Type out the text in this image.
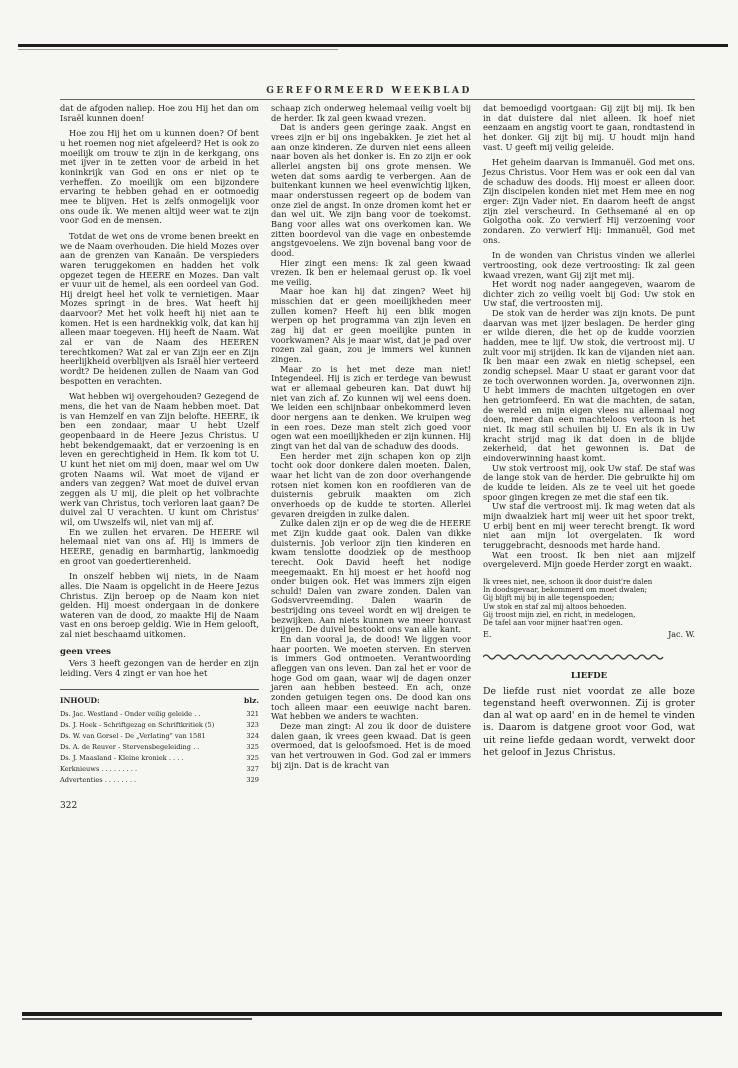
GEREFORMEERD WEEKBLAD

dat de afgoden naliep. Hoe zou Hij het dan om Israël kunnen doen!

Hoe zou Hij het om u kunnen doen? Of bent u het roemen nog niet afgeleerd? Het is ook zo moeilijk om trouw te zijn in de kerkgang, ons met ijver in te zetten voor de arbeid in het koninkrijk van God en ons er niet op te verheffen. Zo moeilijk om een bijzondere ervaring te hebben gehad en er ootmoedig mee te blijven. Het is zelfs onmogelijk voor ons oude ik. We menen altijd weer wat te zijn voor God en de mensen.

Totdat de wet ons de vrome benen breekt en we de Naam overhouden. Die hield Mozes over aan de grenzen van Kanaän. De verspieders waren teruggekomen en hadden het volk opgezet tegen de HEERE en Mozes. Dan valt er vuur uit de hemel, als een oordeel van God. Hij dreigt heel het volk te vernietigen. Maar Mozes springt in de bres. Wat heeft hij daarvoor? Met het volk heeft hij niet aan te komen. Het is een hardnekkig volk, dat kan hij alleen maar toegeven. Hij heeft de Naam. Wat zal er van de Naam des HEEREN terechtkomen? Wat zal er van Zijn eer en Zijn heerlijkheid overblijven als Israël hier verteerd wordt? De heidenen zullen de Naam van God bespotten en verachten.

Wat hebben wij overgehouden? Gezegend de mens, die het van de Naam hebben moet. Dat is van Hemzelf en van Zijn belofte. HEERE, ik ben een zondaar, maar U hebt Uzelf geopenbaard in de Heere Jezus Christus. U hebt bekendgemaakt, dat er verzoening is en leven en gerechtigheid in Hem. Ik kom tot U. U kunt het niet om mij doen, maar wel om Uw groten Naams wil. Wat moet de vijand er anders van zeggen? Wat moet de duivel ervan zeggen als U mij, die pleit op het volbrachte werk van Christus, toch verloren laat gaan? De duivel zal U verachten. U kunt om Christus' wil, om Uwszelfs wil, niet van mij af.

En we zullen het ervaren. De HEERE wil helemaal niet van ons af. Hij is immers de HEERE, genadig en barmhartig, lankmoedig en groot van goedertierenheid.

In onszelf hebben wij niets, in de Naam alles. Die Naam is opgelicht in de Heere Jezus Christus. Zijn beroep op de Naam kon niet gelden. Hij moest ondergaan in de donkere wateren van de dood, zo maakte Hij de Naam vast en ons beroep geldig. Wie in Hem gelooft, zal niet beschaamd uitkomen.

geen vrees

Vers 3 heeft gezongen van de herder en zijn leiding. Vers 4 zingt er van hoe het

INHOUD:	blz.
Ds. Jac. Westland - Onder veilig geleide . .	321
Ds. J. Hoek - Schriftgezag en Schriftkritiek (5)	323
Ds. W. van Gorsel - De „Verlating" van 1581	324
Ds. A. de Reuver - Stervensbegeleiding . .	325
Ds. J. Maasland - Kleine kroniek . . . .	325
Kerknieuws . . . . . . . . .	327
Advertenties . . . . . . . .	329
322

schaap zich onderweg helemaal veilig voelt bij de herder. Ik zal geen kwaad vrezen.

Dat is anders geen geringe zaak. Angst en vrees zijn er bij ons ingebakken. Je ziet het al aan onze kinderen. Ze durven niet eens alleen naar boven als het donker is. En zo zijn er ook allerlei angsten bij ons grote mensen. We weten dat soms aardig te verbergen. Aan de buitenkant kunnen we heel evenwichtig lijken, maar onderstussen regeert op de bodem van onze ziel de angst. In onze dromen komt het er dan wel uit. We zijn bang voor de toekomst. Bang voor alles wat ons overkomen kan. We zitten boordevol van die vage en onbestemde angstgevoelens. We zijn bovenal bang voor de dood.

Hier zingt een mens: Ik zal geen kwaad vrezen. Ik ben er helemaal gerust op. Ik voel me veilig.

Maar hoe kan hij dat zingen? Weet hij misschien dat er geen moeilijkheden meer zullen komen? Heeft hij een blik mogen werpen op het programma van zijn leven en zag hij dat er geen moeilijke punten in voorkwamen? Als je maar wist, dat je pad over rozen zal gaan, zou je immers wel kunnen zingen.

Maar zo is het met deze man niet! Integendeel. Hij is zich er terdege van bewust wat er allemaal gebeuren kan. Dat duwt hij niet van zich af. Zo kunnen wij wel eens doen. We leiden een schijnbaar onbekommerd leven door nergens aan te denken. We kruipen weg in een roes. Deze man stelt zich goed voor ogen wat een moeilijkheden er zijn kunnen. Hij zingt van het dal van de schaduw des doods.

Een herder met zijn schapen kon op zijn tocht ook door donkere dalen moeten. Dalen, waar het licht van de zon door overhangende rotsen niet komen kon en roofdieren van de duisternis gebruik maakten om zich onverhoeds op de kudde te storten. Allerlei gevaren dreigden in zulke dalen.

Zulke dalen zijn er op de weg die de HEERE met Zijn kudde gaat ook. Dalen van dikke duisternis. Job verloor zijn tien kinderen en kwam tenslotte doodziek op de mesthoop terecht. Ook David heeft het nodige meegemaakt. En hij moest er het hoofd nog onder buigen ook. Het was immers zijn eigen schuld! Dalen van zware zonden. Dalen van Godsvervreemding. Dalen waarin de bestrijding ons teveel wordt en wij dreigen te bezwijken. Aan niets kunnen we meer houvast krijgen. De duivel bestookt ons van alle kant.

En dan vooral ja, de dood! We liggen voor haar poorten. We moeten sterven. En sterven is immers God ontmoeten. Verantwoording afleggen van ons leven. Dan zal het er voor de hoge God om gaan, waar wij de dagen onzer jaren aan hebben besteed. En ach, onze zonden getuigen tegen ons. De dood kan ons toch alleen maar een eeuwige nacht baren. Wat hebben we anders te wachten.

Deze man zingt: Al zou ik door de duistere dalen gaan, ik vrees geen kwaad. Dat is geen overmoed, dat is geloofsmoed. Het is de moed van het vertrouwen in God. God zal er immers bij zijn. Dat is de kracht van

dat bemoedigd voortgaan: Gij zijt bij mij. Ik ben in dat duistere dal niet alleen. Ik hoef niet eenzaam en angstig voort te gaan, rondtastend in het donker. Gij zijt bij mij. U houdt mijn hand vast. U geeft mij veilig geleide.

Het geheim daarvan is Immanuël. God met ons. Jezus Christus. Voor Hem was er ook een dal van de schaduw des doods. Hij moest er alleen door. Zijn discipelen konden niet met Hem mee en nog erger: Zijn Vader niet. En daarom heeft de angst zijn ziel verscheurd. In Gethsemané al en op Golgotha ook. Zo verwierf Hij verzoening voor zondaren. Zo verwierf Hij: Immanuël, God met ons.

In de wonden van Christus vinden we allerlei vertroosting, ook deze vertroosting: Ik zal geen kwaad vrezen, want Gij zijt met mij.

Het wordt nog nader aangegeven, waarom de dichter zich zo veilig voelt bij God: Uw stok en Uw staf, die vertroosten mij.

De stok van de herder was zijn knots. De punt daarvan was met ijzer beslagen. De herder ging er wilde dieren, die het op de kudde voorzien hadden, mee te lijf. Uw stok, die vertroost mij. U zult voor mij strijden. Ik kan de vijanden niet aan. Ik ben maar een zwak en nietig schepsel, een zondig schepsel. Maar U staat er garant voor dat ze toch overwonnen worden. Ja, overwonnen zijn. U hebt immers de machten uitgetogen en over hen getriomfeerd. En wat die machten, de satan, de wereld en mijn eigen vlees nu allemaal nog doen, meer dan een machteloos vertoon is het niet. Ik mag stil schuilen bij U. En als ik in Uw kracht strijd mag ik dat doen in de blijde zekerheid, dat het gewonnen is. Dat de eindoverwinning haast komt.

Uw stok vertroost mij, ook Uw staf. De staf was de lange stok van de herder. Die gebruikte hij om de kudde te leiden. Als ze te veel uit het goede spoor gingen kregen ze met die staf een tik.

Uw staf die vertroost mij. Ik mag weten dat als mijn dwaalziek hart mij weer uit het spoor trekt, U erbij bent en mij weer terecht brengt. Ik word niet aan mijn lot overgelaten. Ik word teruggebracht, desnoods met harde hand.

Wat een troost. Ik ben niet aan mijzelf overgeleverd. Mijn goede Herder zorgt en waakt.

Ik vrees niet, nee, schoon ik door duist're dalen
In doodsgevaar, bekommerd om moet dwalen;
Gij blijft mij bij in alle tegenspoeden;
Uw stok en staf zal mij altoos behoeden.
Gij troost mijn ziel, en richt, in medelogen,
De tafel aan voor mijner haat'ren ogen.
E.	Jac. W.
LIEFDE

De liefde rust niet voordat ze alle boze tegenstand heeft overwonnen. Zij is groter dan al wat op aard' en in de hemel te vinden is. Daarom is datgene groot voor God, wat uit reine liefde gedaan wordt, verwekt door het geloof in Jezus Christus.
